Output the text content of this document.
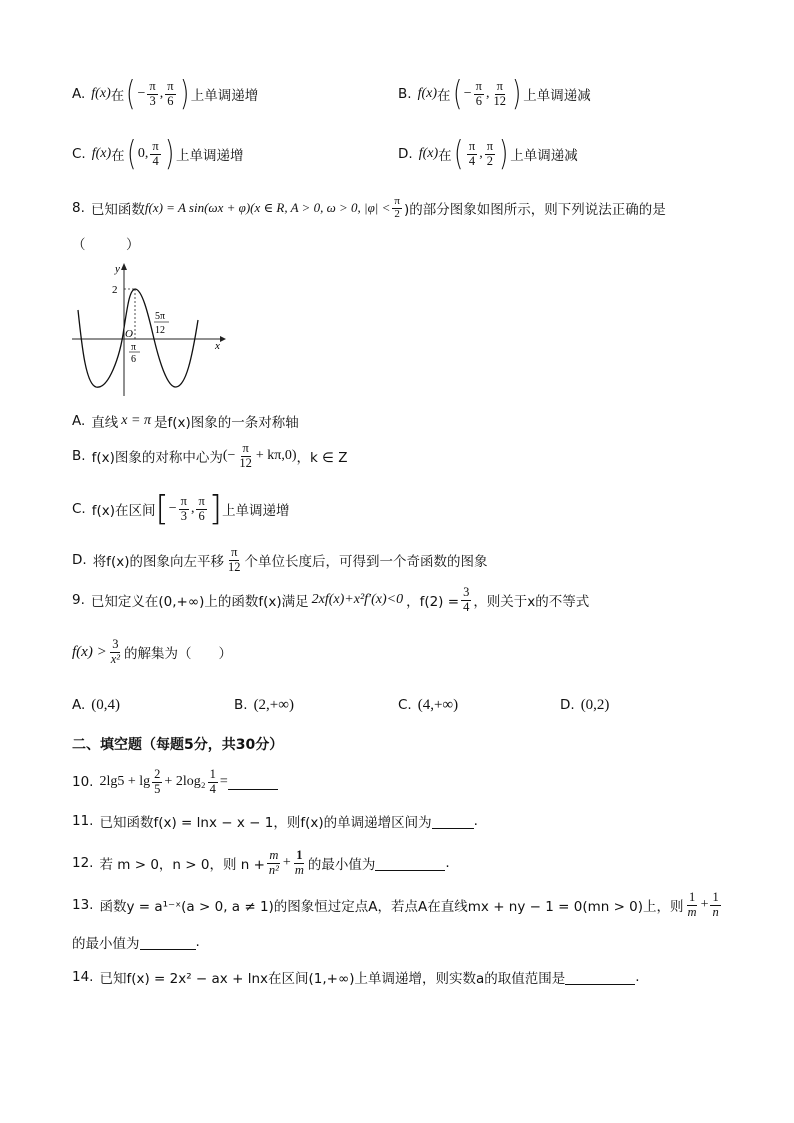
A. f(x) 在 ( − $\frac{\pi}{3}$ , $\frac{\pi}{6}$ ) 上单调递增	B. f(x) 在 ( − $\frac{\pi}{6}$ , $\frac{\pi}{12}$ ) 上单调递减
C. f(x) 在 ( 0, $\frac{\pi}{4}$ ) 上单调递增	D. f(x) 在 ( $\frac{\pi}{4}$ , $\frac{\pi}{2}$ ) 上单调递减
8. 已知函数 f(x) = A sin(ωx + φ)(x ∈ R, A > 0, ω > 0, $|\varphi| < \frac{\pi}{2}$ )的部分图象如图所示，则下列说法正确的是
（　　　）
y
x
O
2
π
6
5π
12
A. 直线 x = π 是f(x)图象的一条对称轴
B. f(x)图象的对称中心为 (− $\frac{\pi}{12} + k\pi,0$) ，k ∈ Z
C. f(x)在区间 [ − $\frac{\pi}{3}$ , $\frac{\pi}{6}$ ] 上单调递增
D. 将f(x)的图象向左平移 $\frac{\pi}{12}$ 个单位长度后，可得到一个奇函数的图象
9. 已知定义在(0,+∞)上的函数f(x)满足 2xf(x)+x²f′(x)<0 ，$f(2) = \frac{3}{4}$ ，则关于x的不等式
$f(x) > \frac{3}{\text{x²}}$ 的解集为（　　）
A. (0,4)	B. (2,+∞)	C. (4,+∞)	D. (0,2)
二、填空题（每题5分，共30分）
10. $2\lg 5 + \lg \frac{2}{5} + 2\log_2 \frac{1}{4}$ =
11. 已知函数f(x) = lnx − x − 1，则f(x)的单调递增区间为	.
12. 若 m > 0，n > 0，则 $n + \frac{m}{\text{n²}} + \frac{1}{m}$ 的最小值为	.
13. 函数y = a¹⁻ˣ(a > 0, a ≠ 1)的图象恒过定点A，若点A在直线mx + ny − 1 = 0(mn > 0)上，则 $\frac{1}{m} + \frac{1}{n}$
的最小值为	.
14. 已知f(x) = 2x² − ax + lnx在区间(1,+∞)上单调递增，则实数a的取值范围是	.
